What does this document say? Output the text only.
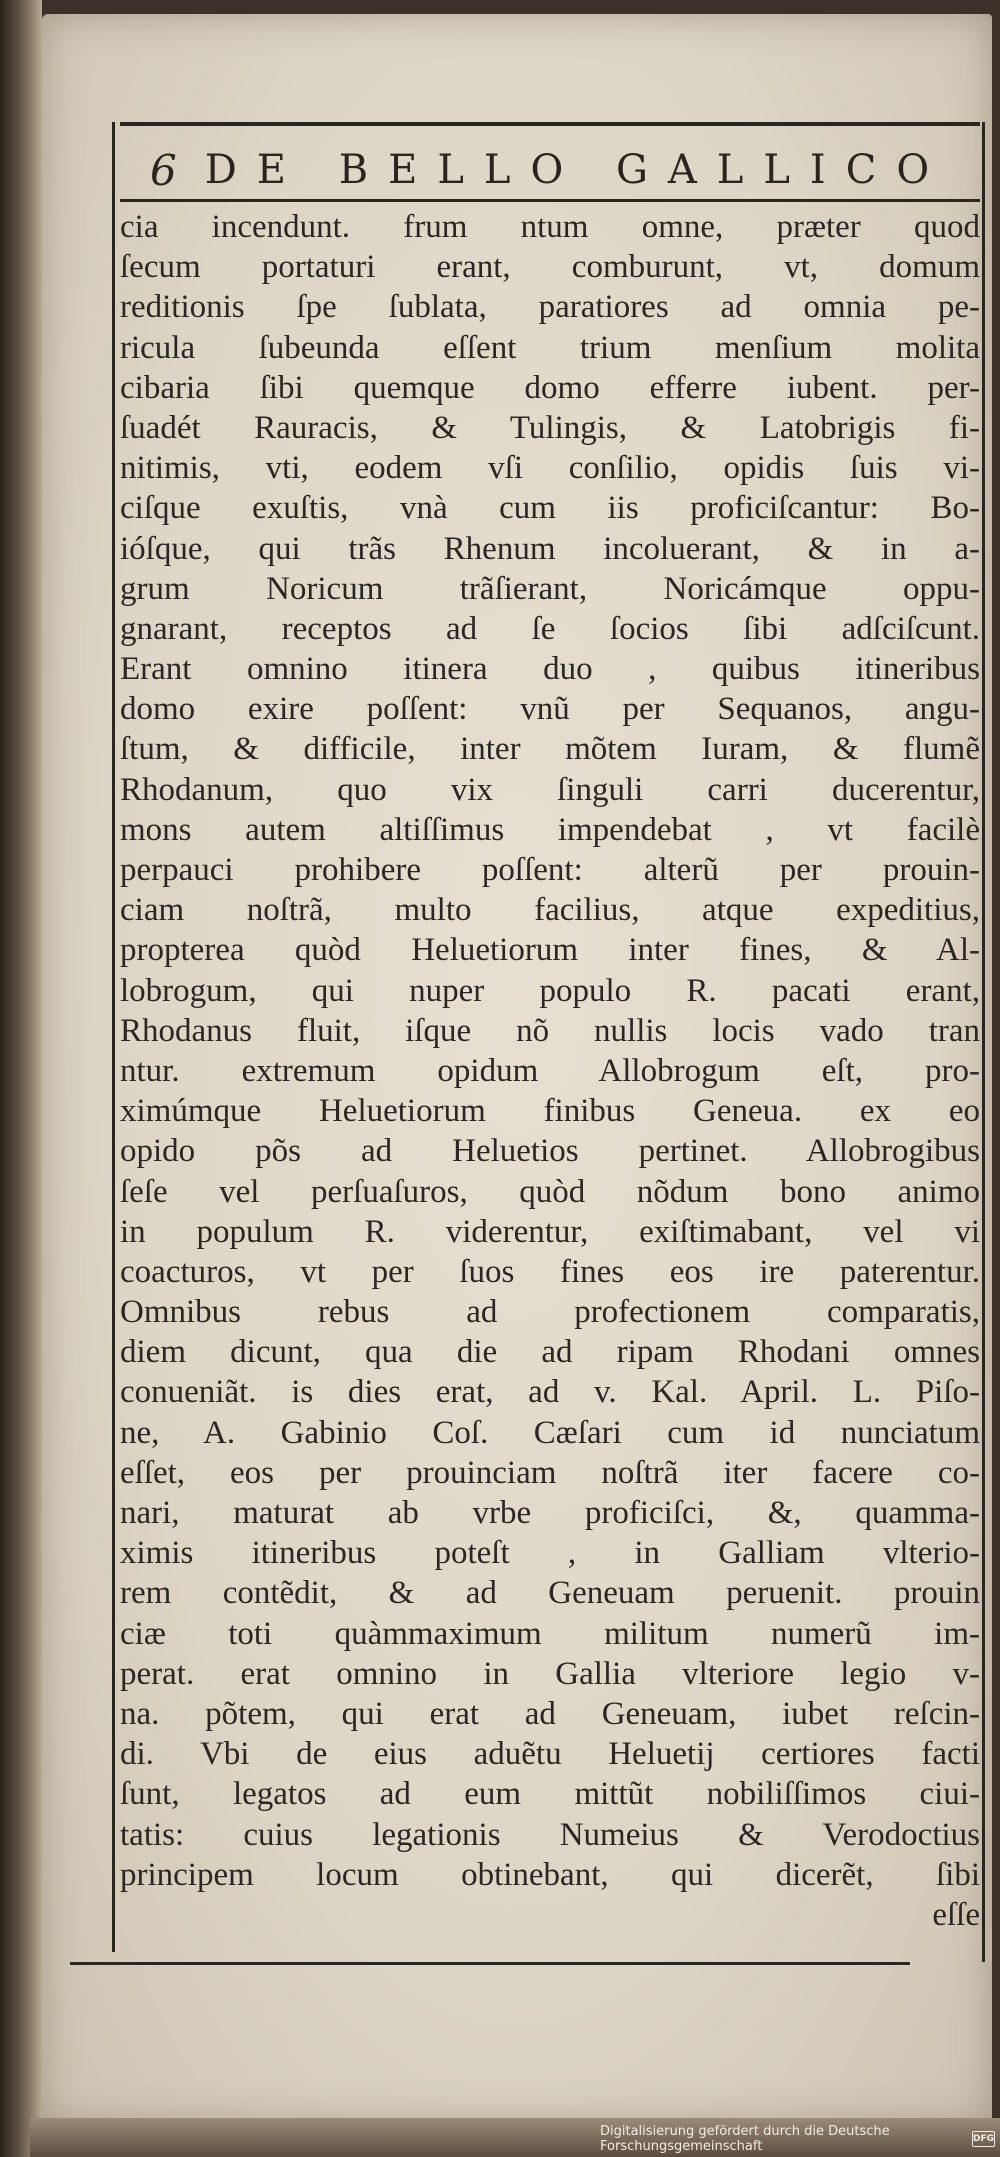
6 DE BELLO GALLICO
cia incendunt. frum ntum omne, præter quod
ſecum portaturi erant, comburunt, vt, domum
reditionis ſpe ſublata, paratiores ad omnia pe-
ricula ſubeunda eſſent trium menſium molita
cibaria ſibi quemque domo efferre iubent. per-
ſuadét Rauracis, & Tulingis, & Latobrigis fi-
nitimis, vti, eodem vſi conſilio, opidis ſuis vi-
ciſque exuſtis, vnà cum iis proficiſcantur: Bo-
ióſque, qui trãs Rhenum incoluerant, & in a-
grum Noricum trãſierant, Noricámque oppu-
gnarant, receptos ad ſe ſocios ſibi adſciſcunt.
Erant omnino itinera duo , quibus itineribus
domo exire poſſent: vnũ per Sequanos, angu-
ſtum, & difficile, inter mõtem Iuram, & flumẽ
Rhodanum, quo vix ſinguli carri ducerentur,
mons autem altiſſimus impendebat , vt facilè
perpauci prohibere poſſent: alterũ per prouin-
ciam noſtrã, multo facilius, atque expeditius,
propterea quòd Heluetiorum inter fines, & Al-
lobrogum, qui nuper populo R. pacati erant,
Rhodanus fluit, iſque nõ nullis locis vado tran
ntur. extremum opidum Allobrogum eſt, pro-
ximúmque Heluetiorum finibus Geneua. ex eo
opido põs ad Heluetios pertinet. Allobrogibus
ſeſe vel perſuaſuros, quòd nõdum bono animo
in populum R. viderentur, exiſtimabant, vel vi
coacturos, vt per ſuos fines eos ire paterentur.
Omnibus rebus ad profectionem comparatis,
diem dicunt, qua die ad ripam Rhodani omnes
conueniãt. is dies erat, ad v. Kal. April. L. Piſo-
ne, A. Gabinio Coſ. Cæſari cum id nunciatum
eſſet, eos per prouinciam noſtrã iter facere co-
nari, maturat ab vrbe proficiſci, &, quamma-
ximis itineribus poteſt , in Galliam vlterio-
rem contẽdit, & ad Geneuam peruenit. prouin
ciæ toti quàmmaximum militum numerũ im-
perat. erat omnino in Gallia vlteriore legio v-
na. põtem, qui erat ad Geneuam, iubet reſcin-
di. Vbi de eius aduẽtu Heluetij certiores facti
ſunt, legatos ad eum mittũt nobiliſſimos ciui-
tatis: cuius legationis Numeius & Verodoctius
principem locum obtinebant, qui dicerẽt, ſibi
eſſe
Digitalisierung gefördert durch die Deutsche Forschungsgemeinschaft	DFG
